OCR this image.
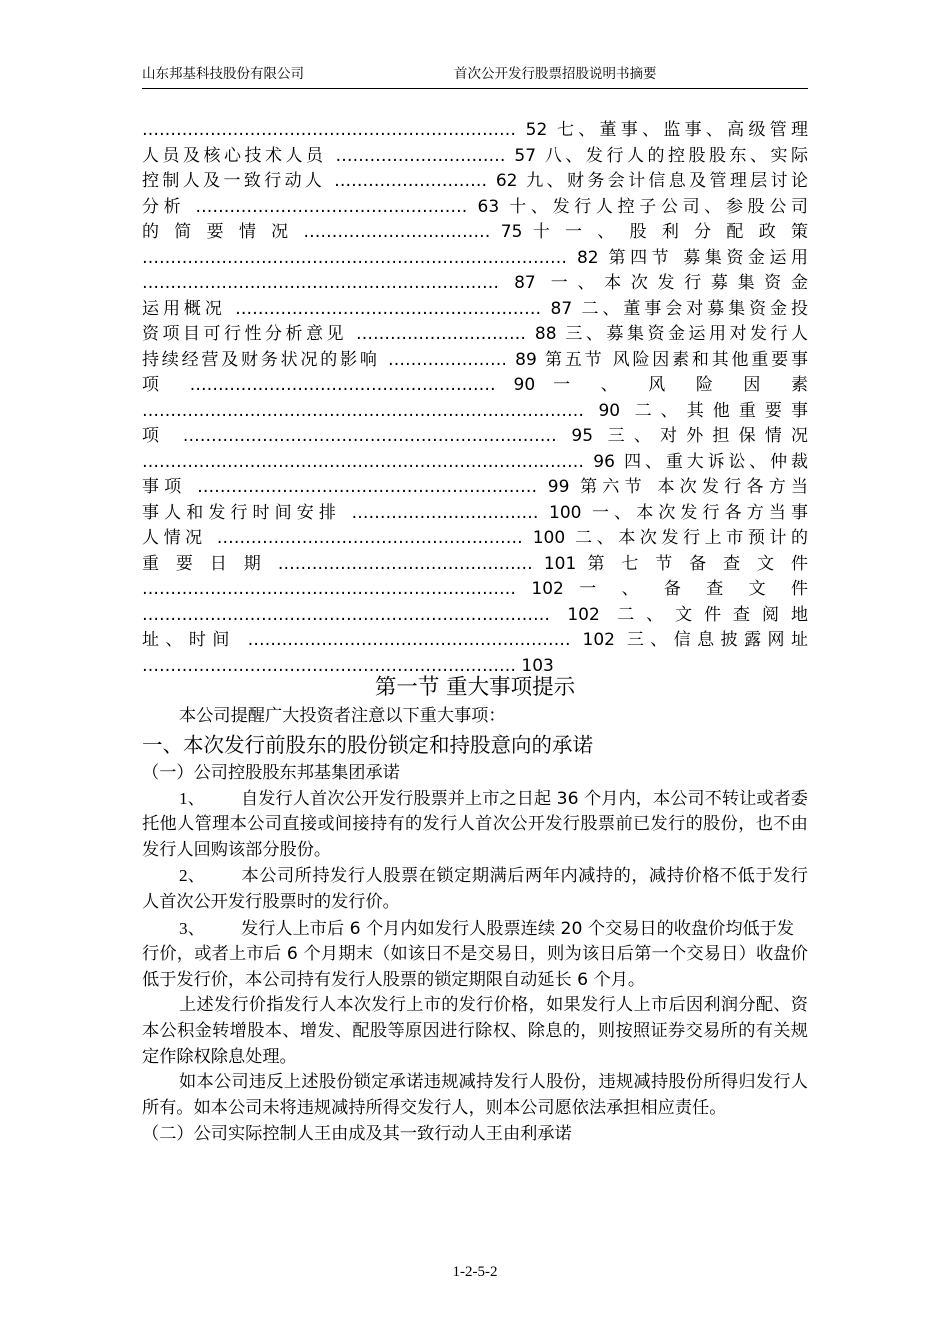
山东邦基科技股份有限公司	首次公开发行股票招股说明书摘要
………………………………………………………… 52 七、董事、监事、高级管理
人员及核心技术人员 ………………………… 57 八、发行人的控股股东、实际
控制人及一致行动人 ……………………… 62 九、财务会计信息及管理层讨论
分析 ………………………………………… 63 十、发行人控子公司、参股公司
的 简 要 情 况 …………………………… 75 十 一 、 股 利 分 配 政 策
………………………………………………………………… 82 第四节 募集资金运用
……………………………………………………… 87 一、本次发行募集资金
运用概况 ……………………………………………… 87 二、董事会对募集资金投
资项目可行性分析意见 ………………………… 88 三、募集资金运用对发行人
持续经营及财务状况的影响 ………………… 89 第五节 风险因素和其他重要事
项 ……………………………………………… 90 一 、 风 险 因 素
…………………………………………………………………… 90 二、其他重要事
项 ………………………………………………………… 95 三、对外担保情况
…………………………………………………………………… 96 四、重大诉讼、仲裁
事项 …………………………………………………… 99 第六节 本次发行各方当
事人和发行时间安排 …………………………… 100 一、本次发行各方当事
人情况 ……………………………………………… 100 二、本次发行上市预计的
重 要 日 期 ……………………………………… 101 第 七 节 备 查 文 件
………………………………………………………… 102 一 、 备 查 文 件
……………………………………………………………… 102 二、文件查阅地
址、时间 ………………………………………………… 102 三、信息披露网址
………………………………………………………… 103
第一节 重大事项提示

本公司提醒广大投资者注意以下重大事项：

一、本次发行前股东的股份锁定和持股意向的承诺
（一）公司控股股东邦基集团承诺

1、 自发行人首次公开发行股票并上市之日起 36 个月内，本公司不转让或者委托他人管理本公司直接或间接持有的发行人首次公开发行股票前已发行的股份，也不由发行人回购该部分股份。

2、 本公司所持发行人股票在锁定期满后两年内减持的，减持价格不低于发行人首次公开发行股票时的发行价。

3、 发行人上市后 6 个月内如发行人股票连续 20 个交易日的收盘价均低于发

行价，或者上市后 6 个月期末（如该日不是交易日，则为该日后第一个交易日）收盘价低于发行价，本公司持有发行人股票的锁定期限自动延长 6 个月。

上述发行价指发行人本次发行上市的发行价格，如果发行人上市后因利润分配、资本公积金转增股本、增发、配股等原因进行除权、除息的，则按照证券交易所的有关规定作除权除息处理。

如本公司违反上述股份锁定承诺违规减持发行人股份，违规减持股份所得归发行人所有。如本公司未将违规减持所得交发行人，则本公司愿依法承担相应责任。

（二）公司实际控制人王由成及其一致行动人王由利承诺
1-2-5-2
